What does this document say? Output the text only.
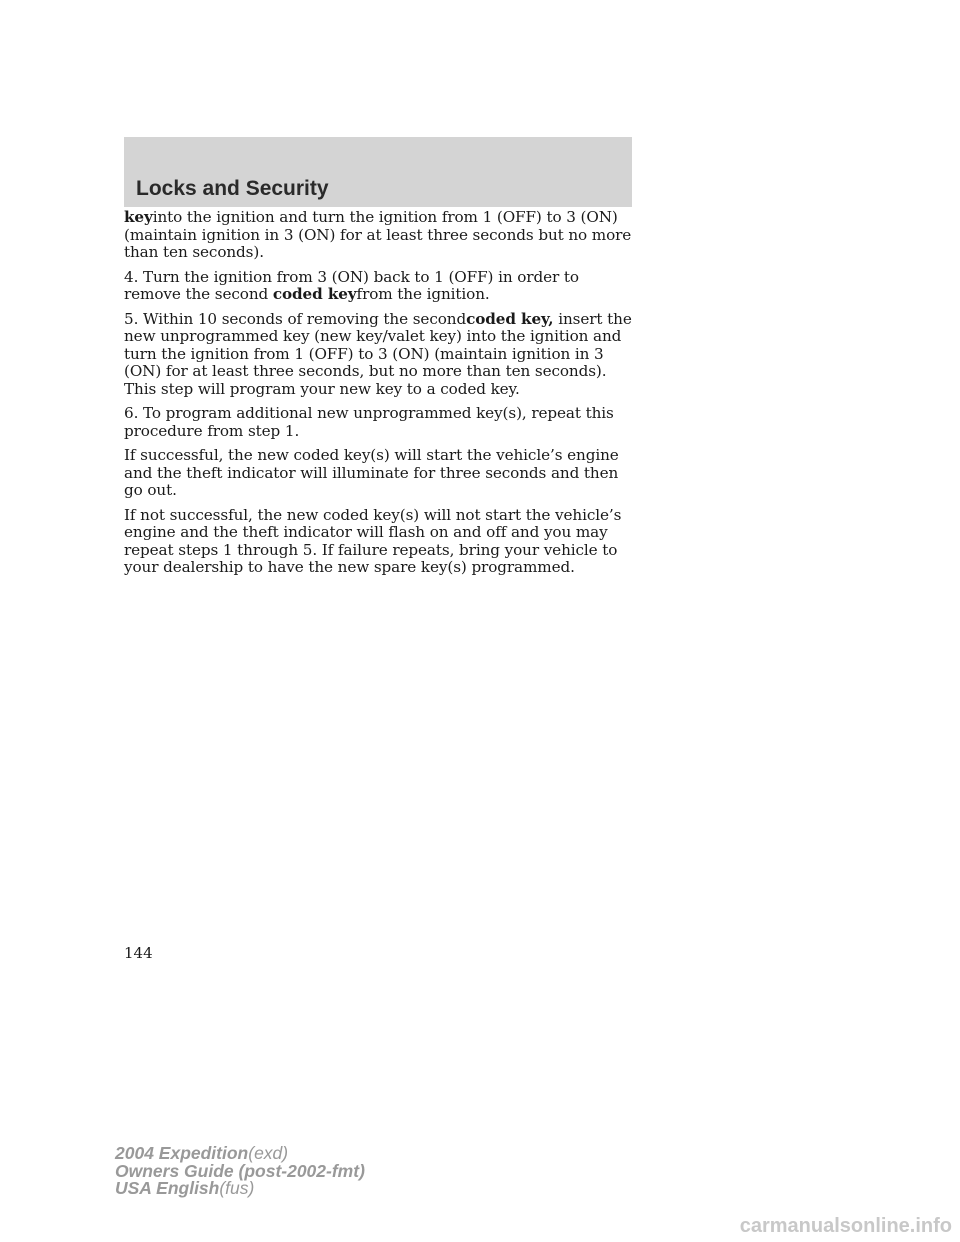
Locks and Security

keyinto the ignition and turn the ignition from 1 (OFF) to 3 (ON) (maintain ignition in 3 (ON) for at least three seconds but no more than ten seconds).

4. Turn the ignition from 3 (ON) back to 1 (OFF) in order to remove the second coded keyfrom the ignition.

5. Within 10 seconds of removing the secondcoded key, insert the new unprogrammed key (new key/valet key) into the ignition and turn the ignition from 1 (OFF) to 3 (ON) (maintain ignition in 3 (ON) for at least three seconds, but no more than ten seconds). This step will program your new key to a coded key.

6. To program additional new unprogrammed key(s), repeat this procedure from step 1.

If successful, the new coded key(s) will start the vehicle’s engine and the theft indicator will illuminate for three seconds and then go out.

If not successful, the new coded key(s) will not start the vehicle’s engine and the theft indicator will flash on and off and you may repeat steps 1 through 5. If failure repeats, bring your vehicle to your dealership to have the new spare key(s) programmed.

144
2004 Expedition(exd)
Owners Guide (post-2002-fmt)
USA English(fus)
carmanualsonline.info
